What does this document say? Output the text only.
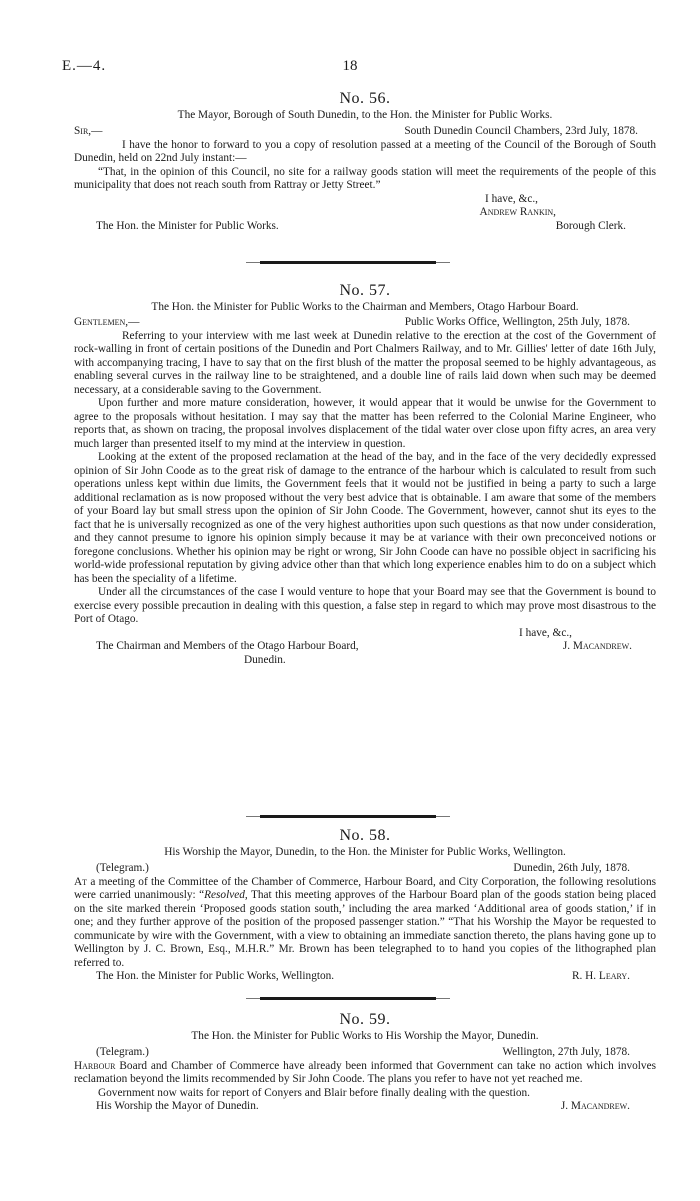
E.—4.	18
No. 56.
The Mayor, Borough of South Dunedin, to the Hon. the Minister for Public Works.
Sir,—	South Dunedin Council Chambers, 23rd July, 1878.
I have the honor to forward to you a copy of resolution passed at a meeting of the Council of the Borough of South Dunedin, held on 22nd July instant:—
“That, in the opinion of this Council, no site for a railway goods station will meet the requirements of the people of this municipality that does not reach south from Rattray or Jetty Street.”
I have, &c.,
Andrew Rankin,
The Hon. the Minister for Public Works.	Borough Clerk.
No. 57.
The Hon. the Minister for Public Works to the Chairman and Members, Otago Harbour Board.
Gentlemen,—	Public Works Office, Wellington, 25th July, 1878.
Referring to your interview with me last week at Dunedin relative to the erection at the cost of the Government of rock-walling in front of certain positions of the Dunedin and Port Chalmers Railway, and to Mr. Gillies' letter of date 16th July, with accompanying tracing, I have to say that on the first blush of the matter the proposal seemed to be highly advantageous, as enabling several curves in the railway line to be straightened, and a double line of rails laid down when such may be deemed necessary, at a considerable saving to the Government.
Upon further and more mature consideration, however, it would appear that it would be unwise for the Government to agree to the proposals without hesitation. I may say that the matter has been referred to the Colonial Marine Engineer, who reports that, as shown on tracing, the proposal involves displacement of the tidal water over close upon fifty acres, an area very much larger than presented itself to my mind at the interview in question.
Looking at the extent of the proposed reclamation at the head of the bay, and in the face of the very decidedly expressed opinion of Sir John Coode as to the great risk of damage to the entrance of the harbour which is calculated to result from such operations unless kept within due limits, the Government feels that it would not be justified in being a party to such a large additional reclamation as is now proposed without the very best advice that is obtainable. I am aware that some of the members of your Board lay but small stress upon the opinion of Sir John Coode. The Government, however, cannot shut its eyes to the fact that he is universally recognized as one of the very highest authorities upon such questions as that now under consideration, and they cannot presume to ignore his opinion simply because it may be at variance with their own preconceived notions or foregone conclusions. Whether his opinion may be right or wrong, Sir John Coode can have no possible object in sacrificing his world-wide professional reputation by giving advice other than that which long experience enables him to do on a subject which has been the speciality of a lifetime.
Under all the circumstances of the case I would venture to hope that your Board may see that the Government is bound to exercise every possible precaution in dealing with this question, a false step in regard to which may prove most disastrous to the Port of Otago.
I have, &c.,
The Chairman and Members of the Otago Harbour Board,	J. Macandrew.
Dunedin.
No. 58.
His Worship the Mayor, Dunedin, to the Hon. the Minister for Public Works, Wellington.
(Telegram.)	Dunedin, 26th July, 1878.
At a meeting of the Committee of the Chamber of Commerce, Harbour Board, and City Corporation, the following resolutions were carried unanimously: “Resolved, That this meeting approves of the Harbour Board plan of the goods station being placed on the site marked therein ‘Proposed goods station south,’ including the area marked ‘Additional area of goods station,’ if in one; and they further approve of the position of the proposed passenger station.” “That his Worship the Mayor be requested to communicate by wire with the Government, with a view to obtaining an immediate sanction thereto, the plans having gone up to Wellington by J. C. Brown, Esq., M.H.R.” Mr. Brown has been telegraphed to to hand you copies of the lithographed plan referred to.
The Hon. the Minister for Public Works, Wellington.	R. H. Leary.
No. 59.
The Hon. the Minister for Public Works to His Worship the Mayor, Dunedin.
(Telegram.)	Wellington, 27th July, 1878.
Harbour Board and Chamber of Commerce have already been informed that Government can take no action which involves reclamation beyond the limits recommended by Sir John Coode. The plans you refer to have not yet reached me.
Government now waits for report of Conyers and Blair before finally dealing with the question.
His Worship the Mayor of Dunedin.	J. Macandrew.
